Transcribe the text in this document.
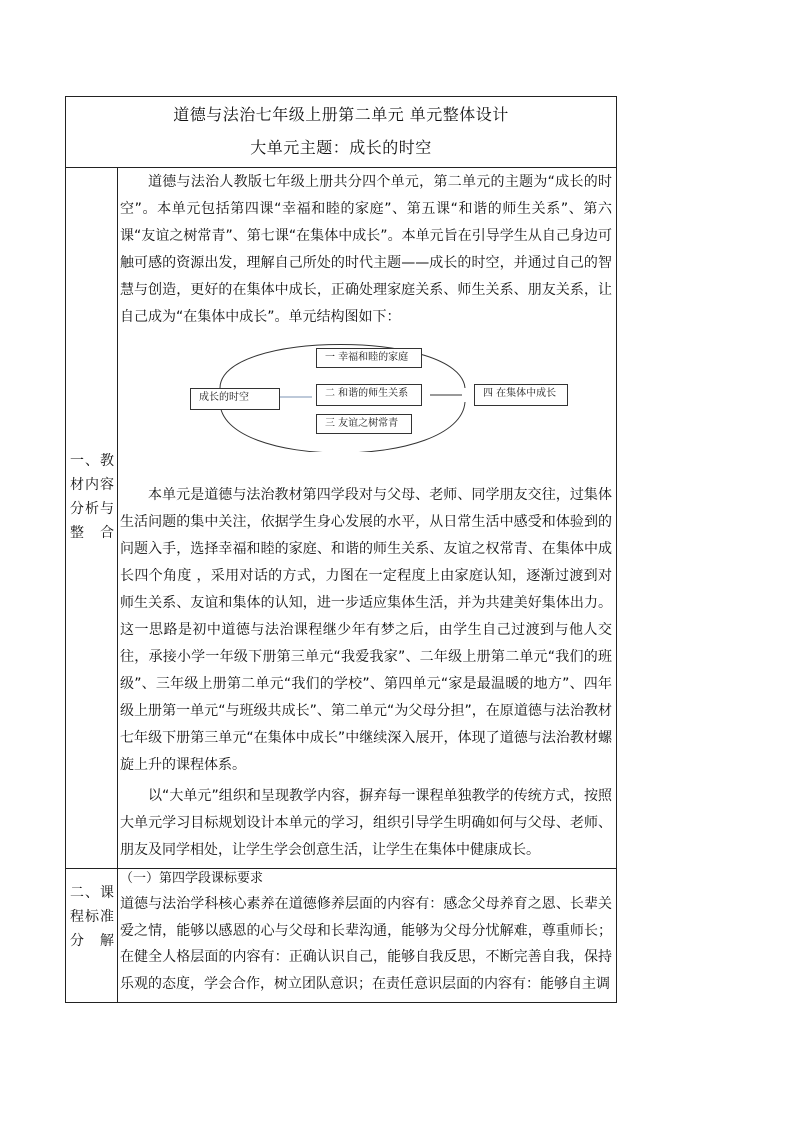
道德与法治七年级上册第二单元 单元整体设计
大单元主题：成长的时空
一、教材内容分析与整合

道德与法治人教版七年级上册共分四个单元，第二单元的主题为“成长的时空”。本单元包括第四课“幸福和睦的家庭”、第五课“和谐的师生关系”、第六课“友谊之树常青”、第七课“在集体中成长”。本单元旨在引导学生从自己身边可触可感的资源出发，理解自己所处的时代主题——成长的时空，并通过自己的智慧与创造，更好的在集体中成长，正确处理家庭关系、师生关系、朋友关系，让自己成为“在集体中成长”。单元结构图如下：

本单元是道德与法治教材第四学段对与父母、老师、同学朋友交往，过集体生活问题的集中关注，依据学生身心发展的水平，从日常生活中感受和体验到的问题入手，选择幸福和睦的家庭、和谐的师生关系、友谊之权常青、在集体中成长四个角度 ，采用对话的方式，力图在一定程度上由家庭认知，逐渐过渡到对师生关系、友谊和集体的认知，进一步适应集体生活，并为共建美好集体出力。这一思路是初中道德与法治课程继少年有梦之后，由学生自己过渡到与他人交往，承接小学一年级下册第三单元“我爱我家”、二年级上册第二单元“我们的班级”、三年级上册第二单元“我们的学校”、第四单元“家是最温暖的地方”、四年级上册第一单元“与班级共成长”、第二单元“为父母分担”，在原道德与法治教材七年级下册第三单元“在集体中成长”中继续深入展开，体现了道德与法治教材螺旋上升的课程体系。

以“大单元”组织和呈现教学内容，摒弃每一课程单独教学的传统方式，按照大单元学习目标规划设计本单元的学习，组织引导学生明确如何与父母、老师、朋友及同学相处，让学生学会创意生活，让学生在集体中健康成长。

二、课程标准分解

（一）第四学段课标要求

道德与法治学科核心素养在道德修养层面的内容有：感念父母养育之恩、长辈关爱之情，能够以感恩的心与父母和长辈沟通，能够为父母分忧解难，尊重师长；在健全人格层面的内容有：正确认识自己，能够自我反思，不断完善自我，保持乐观的态度，学会合作，树立团队意识；在责任意识层面的内容有：能够自主调

成长的时空
一 幸福和睦的家庭
二 和谐的师生关系
三 友谊之树常青
四 在集体中成长
